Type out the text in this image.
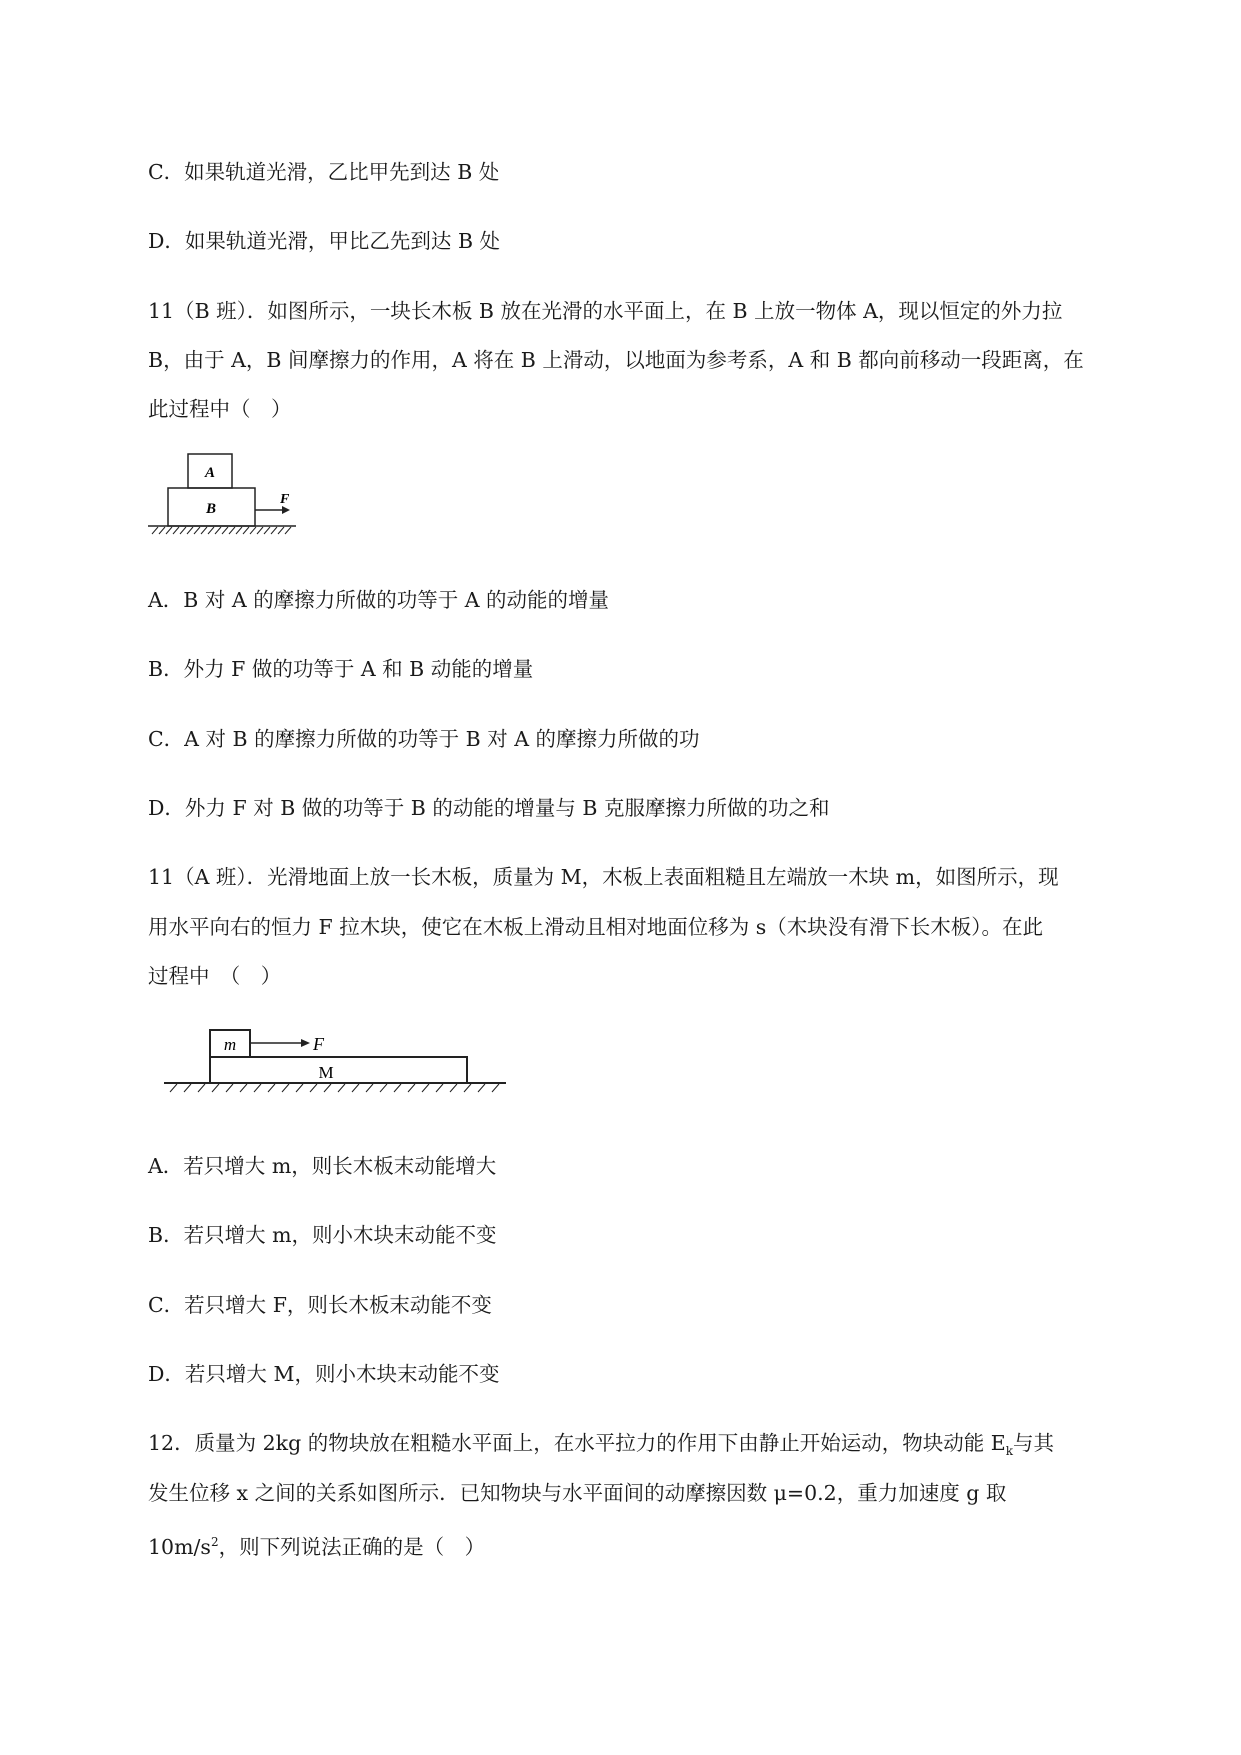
C．如果轨道光滑，乙比甲先到达 B 处
D．如果轨道光滑，甲比乙先到达 B 处
11（B 班）．如图所示，一块长木板 B 放在光滑的水平面上，在 B 上放一物体 A，现以恒定的外力拉
B，由于 A，B 间摩擦力的作用，A 将在 B 上滑动，以地面为参考系，A 和 B 都向前移动一段距离，在
此过程中（　）
A
B
F
A．B 对 A 的摩擦力所做的功等于 A 的动能的增量
B．外力 F 做的功等于 A 和 B 动能的增量
C．A 对 B 的摩擦力所做的功等于 B 对 A 的摩擦力所做的功
D．外力 F 对 B 做的功等于 B 的动能的增量与 B 克服摩擦力所做的功之和
11（A 班）．光滑地面上放一长木板，质量为 M，木板上表面粗糙且左端放一木块 m，如图所示，现
用水平向右的恒力 F 拉木块，使它在木板上滑动且相对地面位移为 s（木块没有滑下长木板）。在此
过程中　（　）
m	F
M
A．若只增大 m，则长木板末动能增大
B．若只增大 m，则小木块末动能不变
C．若只增大 F，则长木板末动能不变
D．若只增大 M，则小木块末动能不变
12．质量为 2kg 的物块放在粗糙水平面上，在水平拉力的作用下由静止开始运动，物块动能 $E_k$与其
发生位移 x 之间的关系如图所示．已知物块与水平面间的动摩擦因数 μ=0.2，重力加速度 g 取
$10m/s^2$，则下列说法正确的是（　）
